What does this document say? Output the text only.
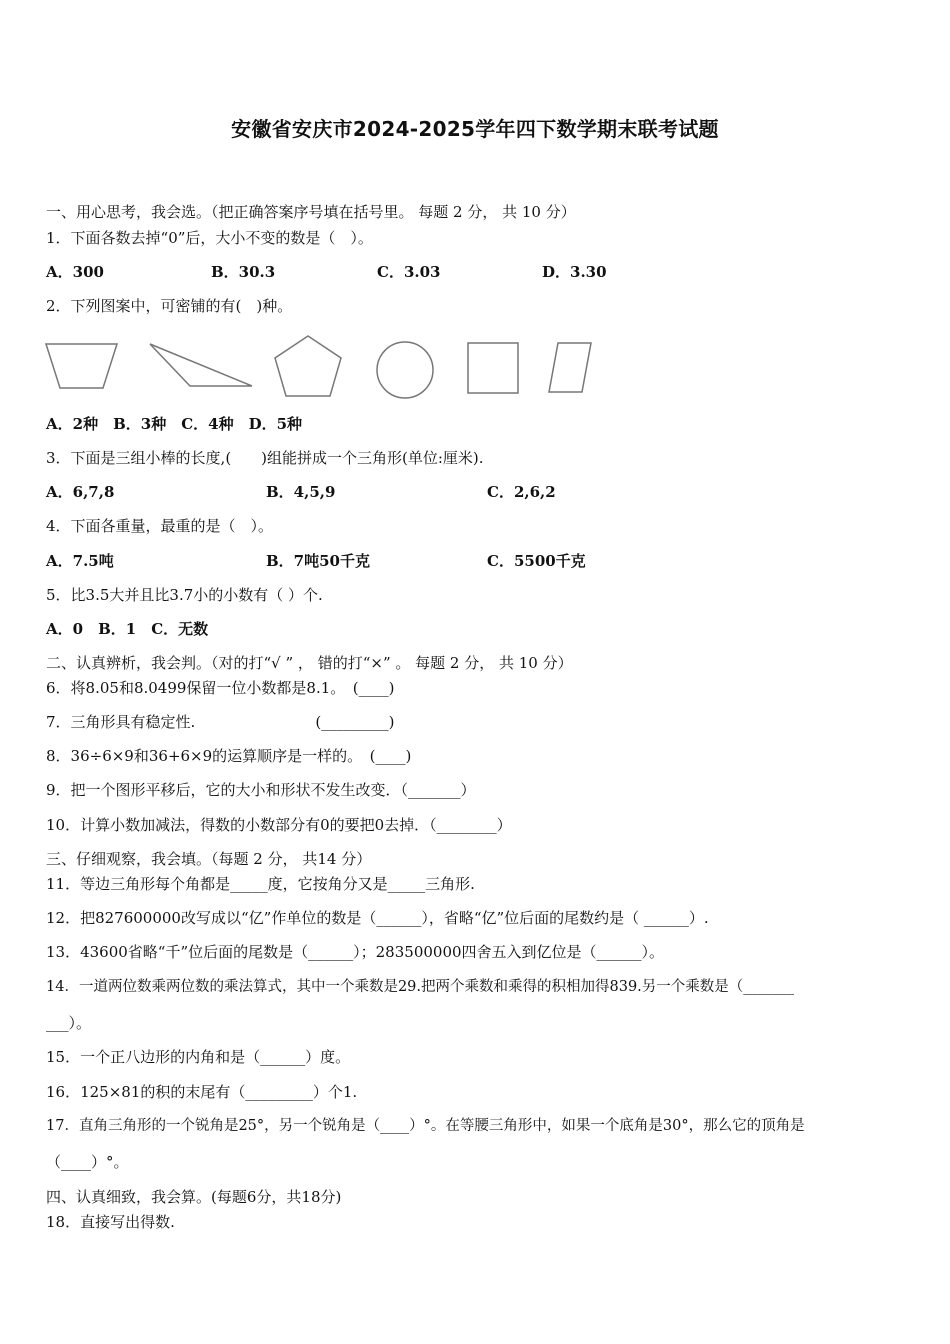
安徽省安庆市2024-2025学年四下数学期末联考试题
一、用心思考，我会选。（把正确答案序号填在括号里。 每题 2 分， 共 10 分）
1．下面各数去掉“0”后，大小不变的数是（　）。
A．300	B．30.3	C．3.03	D．3.30
2．下列图案中，可密铺的有(　)种。
A．2种　B．3种　C．4种　D．5种
3．下面是三组小棒的长度,(　　)组能拼成一个三角形(单位:厘米).
A．6,7,8	B．4,5,9	C．2,6,2
4．下面各重量，最重的是（　）。
A．7.5吨	B．7吨50千克	C．5500千克
5．比3.5大并且比3.7小的小数有（ ）个.
A．0　B．1　C．无数
二、认真辨析，我会判。（对的打“√ ” ， 错的打“×” 。 每题 2 分， 共 10 分）
6．将8.05和8.0499保留一位小数都是8.1。　(____)
7．三角形具有稳定性.　　　　　　　　(_________)
8．36÷6×9和36+6×9的运算顺序是一样的。　(____)
9．把一个图形平移后，它的大小和形状不发生改变．（_______）
10．计算小数加减法，得数的小数部分有0的要把0去掉．（________）
三、仔细观察，我会填。（每题 2 分， 共14 分）
11．等边三角形每个角都是_____度，它按角分又是_____三角形.
12．把827600000改写成以“亿”作单位的数是（______），省略“亿”位后面的尾数约是（ ______）.
13．43600省略“千”位后面的尾数是（______）；283500000四舍五入到亿位是（______）。
14．一道两位数乘两位数的乘法算式，其中一个乘数是29.把两个乘数和乘得的积相加得839.另一个乘数是（_______
___）。
15．一个正八边形的内角和是（______）度。
16．125×81的积的末尾有（_________）个1.
17．直角三角形的一个锐角是25°，另一个锐角是（____）°。在等腰三角形中，如果一个底角是30°，那么它的顶角是
（____）°。
四、认真细致，我会算。(每题6分，共18分)
18．直接写出得数.
